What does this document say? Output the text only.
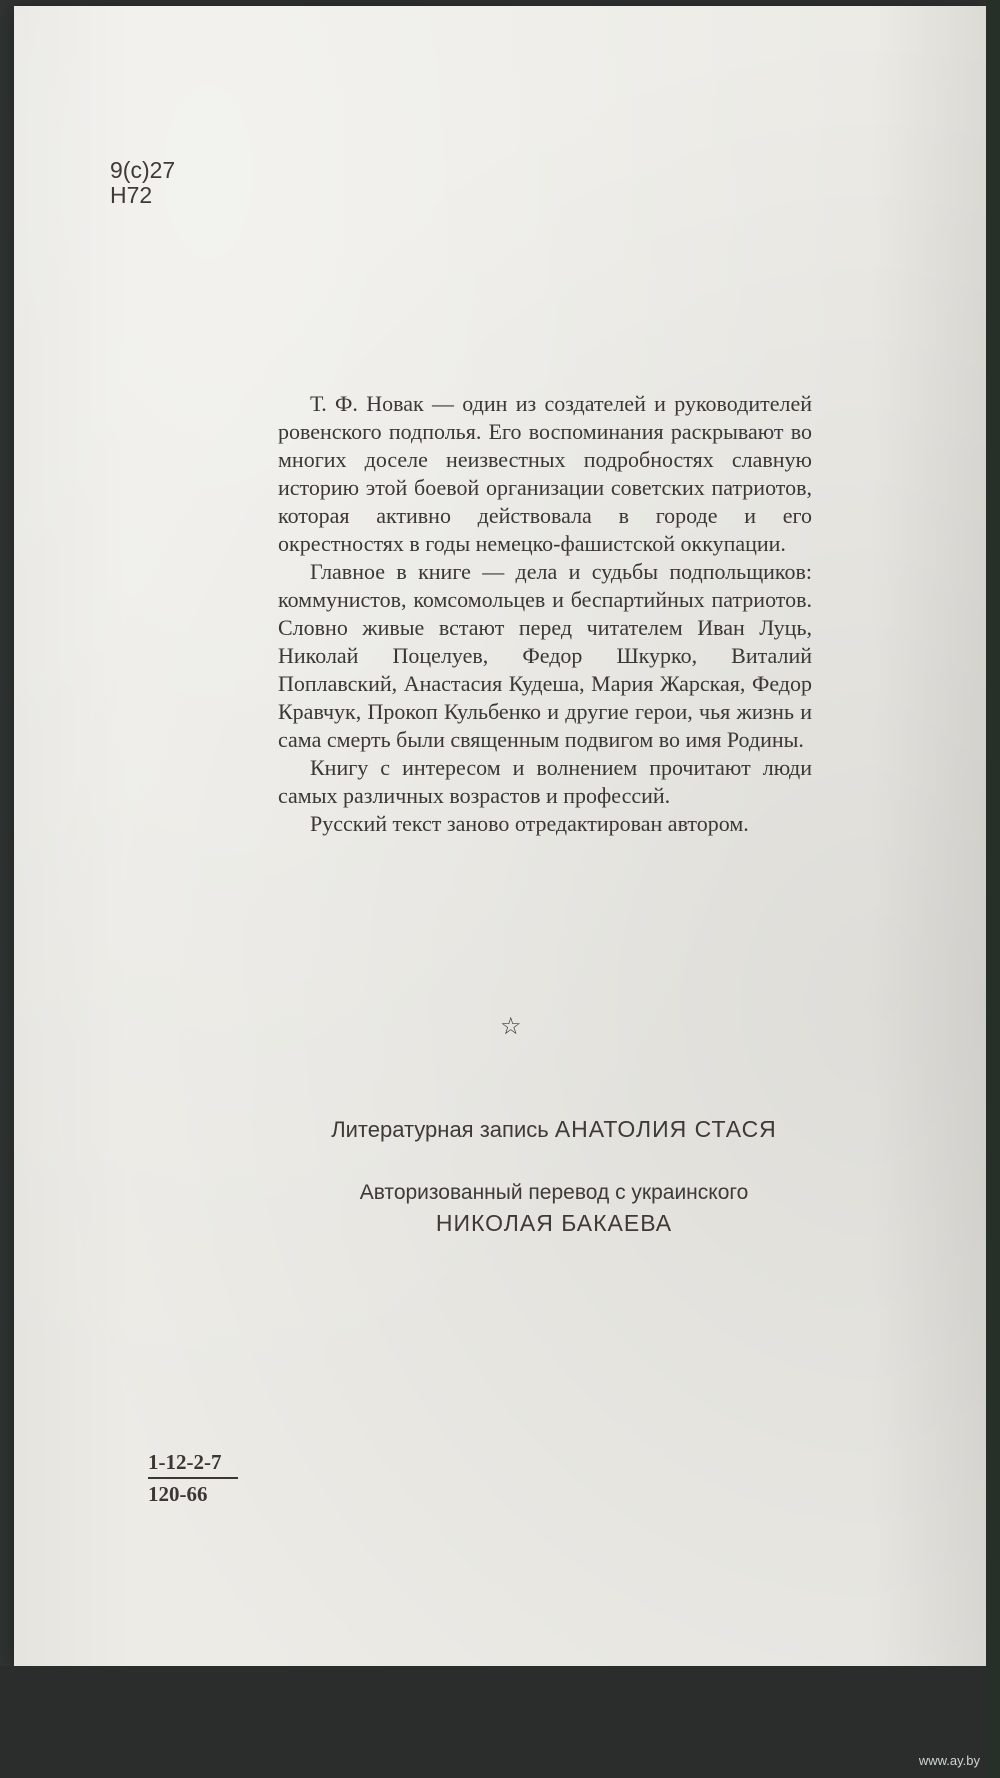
9(с)27
Н72

Т. Ф. Новак — один из создателей и руководителей ровенского подполья. Его воспоминания раскрывают во многих доселе неизвестных подробностях славную историю этой боевой организации советских патриотов, которая активно действовала в городе и его окрестностях в годы немецко-фашистской оккупации.

Главное в книге — дела и судьбы подпольщиков: коммунистов, комсомольцев и беспартийных патриотов. Словно живые встают перед читателем Иван Луць, Николай Поцелуев, Федор Шкурко, Виталий Поплавский, Анастасия Кудеша, Мария Жарская, Федор Кравчук, Прокоп Кульбенко и другие герои, чья жизнь и сама смерть были священным подвигом во имя Родины.

Книгу с интересом и волнением прочитают люди самых различных возрастов и профессий.

Русский текст заново отредактирован автором.

☆
Литературная запись АНАТОЛИЯ СТАСЯ
Авторизованный перевод с украинского
НИКОЛАЯ БАКАЕВА
$\frac{1-12-2-7}{120-66}$
www.ay.by
